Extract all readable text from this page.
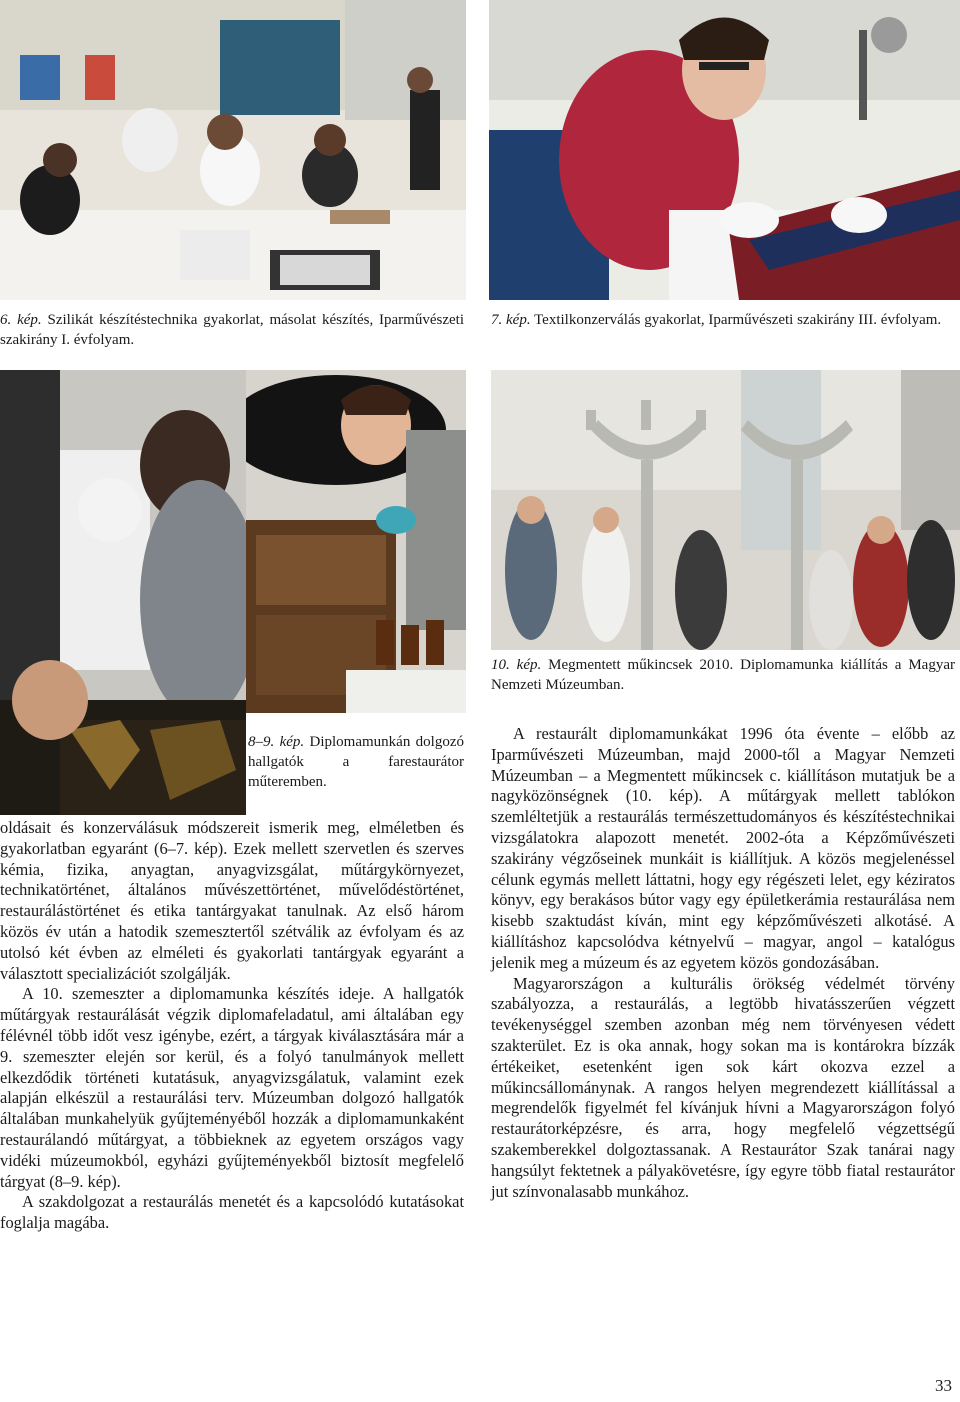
6. kép. Szilikát készítéstechnika gyakorlat, másolat készítés, Iparművészeti szakirány I. évfolyam.
7. kép. Textilkonzerválás gyakorlat, Iparművészeti szakirány III. évfolyam.
10. kép. Megmentett műkincsek 2010. Diplomamunka kiállítás a Magyar Nemzeti Múzeumban.
8–9. kép. Diplomamunkán dolgozó hallgatók a farestaurátor műteremben.

oldásait és konzerválásuk módszereit ismerik meg, elméletben és gyakorlatban egyaránt (6–7. kép). Ezek mellett szervetlen és szerves kémia, fizika, anyagtan, anyagvizsgálat, műtárgykörnyezet, technikatörténet, általános művészettörténet, művelődéstörténet, restaurálástörténet és etika tantárgyakat tanulnak. Az első három közös év után a hatodik szemesztertől szétválik az évfolyam és az utolsó két évben az elméleti és gyakorlati tantárgyak egyaránt a választott specializációt szolgálják.

A 10. szemeszter a diplomamunka készítés ideje. A hallgatók műtárgyak restaurálását végzik diplomafeladatul, ami általában egy félévnél több időt vesz igénybe, ezért, a tárgyak kiválasztására már a 9. szemeszter elején sor kerül, és a folyó tanulmányok mellett elkezdődik történeti kutatásuk, anyagvizsgálatuk, valamint ezek alapján elkészül a restaurálási terv. Múzeumban dolgozó hallgatók általában munkahelyük gyűjteményéből hozzák a diplomamunkaként restaurálandó műtárgyat, a többieknek az egyetem országos vagy vidéki múzeumokból, egyházi gyűjteményekből biztosít megfelelő tárgyat (8–9. kép).

A szakdolgozat a restaurálás menetét és a kapcsolódó kutatásokat foglalja magába.

A restaurált diplomamunkákat 1996 óta évente – előbb az Iparművészeti Múzeumban, majd 2000-től a Magyar Nemzeti Múzeumban – a Megmentett műkincsek c. kiállításon mutatjuk be a nagyközönségnek (10. kép). A műtárgyak mellett tablókon szemléltetjük a restaurálás természettudományos és készítéstechnikai vizsgálatokra alapozott menetét. 2002-óta a Képzőművészeti szakirány végzőseinek munkáit is kiállítjuk. A közös megjelenéssel célunk egymás mellett láttatni, hogy egy régészeti lelet, egy kéziratos könyv, egy berakásos bútor vagy egy épületkerámia restaurálása nem kisebb szaktudást kíván, mint egy képzőművészeti alkotásé. A kiállításhoz kapcsolódva kétnyelvű – magyar, angol – katalógus jelenik meg a múzeum és az egyetem közös gondozásában.

Magyarországon a kulturális örökség védelmét törvény szabályozza, a restaurálás, a legtöbb hivatásszerűen végzett tevékenységgel szemben azonban még nem törvényesen védett szakterület. Ez is oka annak, hogy sokan ma is kontárokra bízzák értékeiket, esetenként igen sok kárt okozva ezzel a műkincsállománynak. A rangos helyen megrendezett kiállítással a megrendelők figyelmét fel kívánjuk hívni a Magyarországon folyó restaurátorképzésre, és arra, hogy megfelelő végzettségű szakemberekkel dolgoztassanak. A Restaurátor Szak tanárai nagy hangsúlyt fektetnek a pályakövetésre, így egyre több fiatal restaurátor jut színvonalasabb munkához.

33
